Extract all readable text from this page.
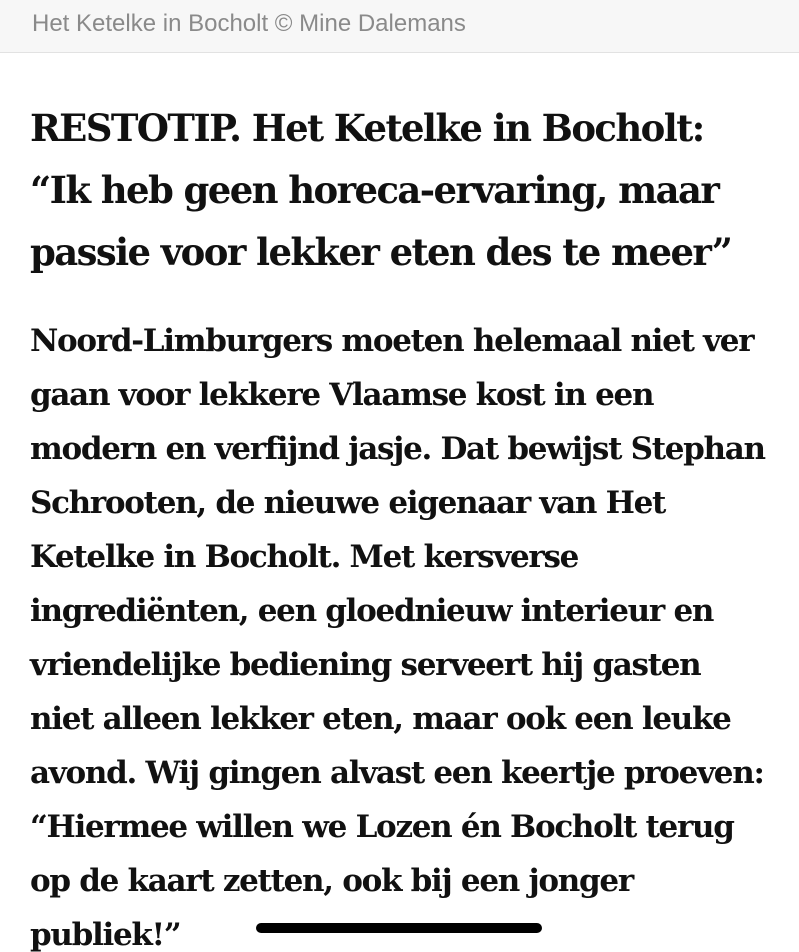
Het Ketelke in Bocholt © Mine Dalemans
RESTOTIP. Het Ketelke in Bocholt:
“Ik heb geen horeca-ervaring, maar
passie voor lekker eten des te meer”

Noord-Limburgers moeten helemaal niet ver
gaan voor lekkere Vlaamse kost in een
modern en verfijnd jasje. Dat bewijst Stephan
Schrooten, de nieuwe eigenaar van Het
Ketelke in Bocholt. Met kersverse
ingrediënten, een gloednieuw interieur en
vriendelijke bediening serveert hij gasten
niet alleen lekker eten, maar ook een leuke
avond. Wij gingen alvast een keertje proeven:
“Hiermee willen we Lozen én Bocholt terug
op de kaart zetten, ook bij een jonger
publiek!”
